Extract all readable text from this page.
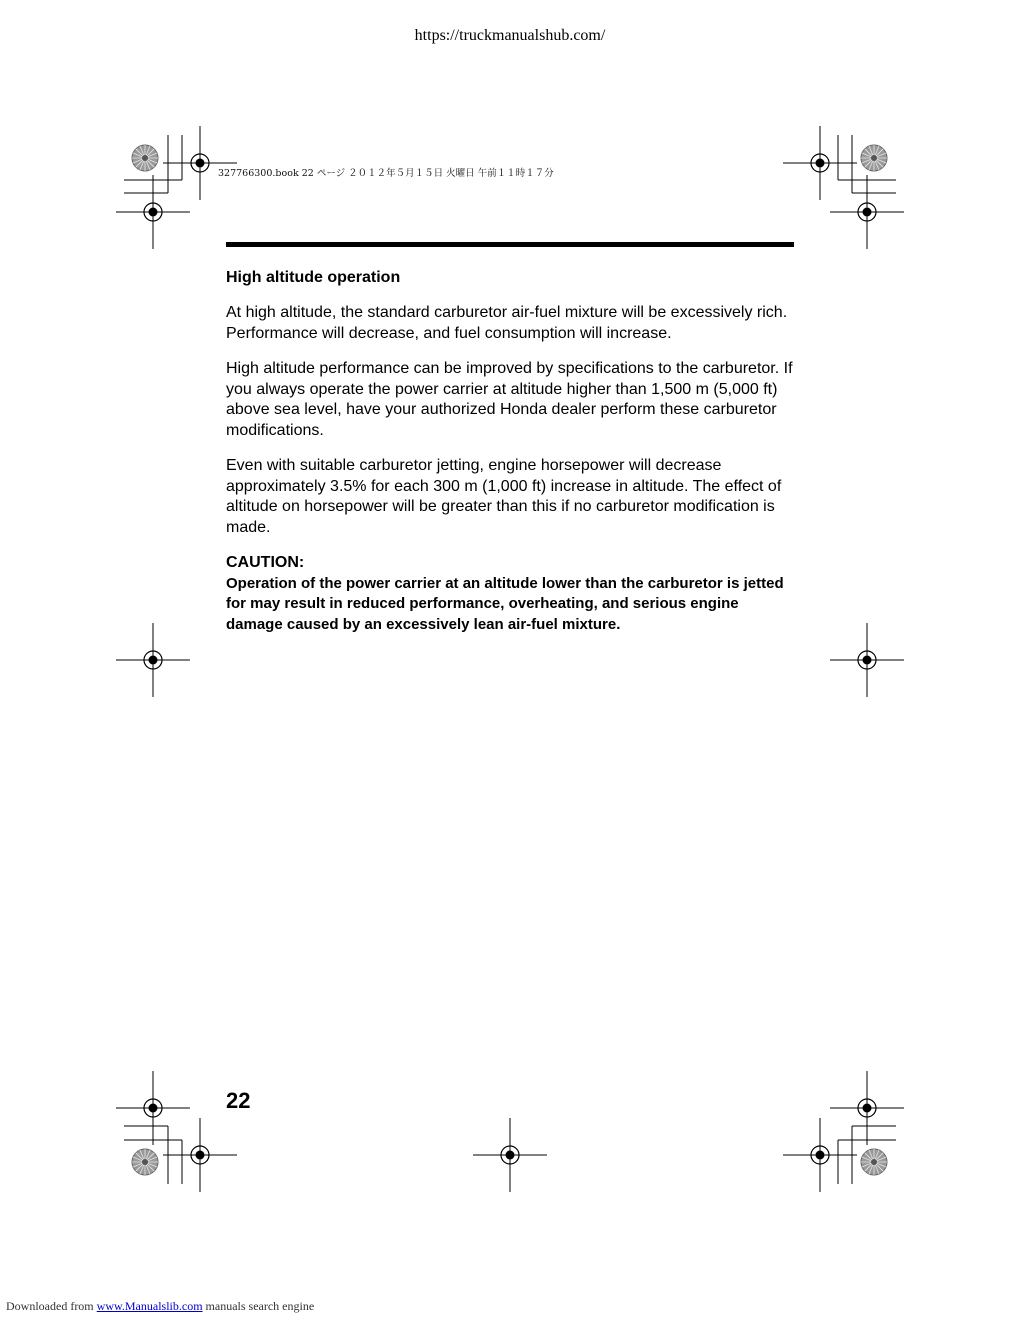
https://truckmanualshub.com/
327766300.book 22 ページ ２０１２年５月１５日 火曜日 午前１１時１７分

High altitude operation

At high altitude, the standard carburetor air-fuel mixture will be excessively rich. Performance will decrease, and fuel consumption will increase.

High altitude performance can be improved by specifications to the carburetor. If you always operate the power carrier at altitude higher than 1,500 m (5,000 ft) above sea level, have your authorized Honda dealer perform these carburetor modifications.

Even with suitable carburetor jetting, engine horsepower will decrease approximately 3.5% for each 300 m (1,000 ft) increase in altitude. The effect of altitude on horsepower will be greater than this if no carburetor modification is made.

CAUTION:

Operation of the power carrier at an altitude lower than the carburetor is jetted for may result in reduced performance, overheating, and serious engine damage caused by an excessively lean air-fuel mixture.

22
Downloaded from www.Manualslib.com manuals search engine
